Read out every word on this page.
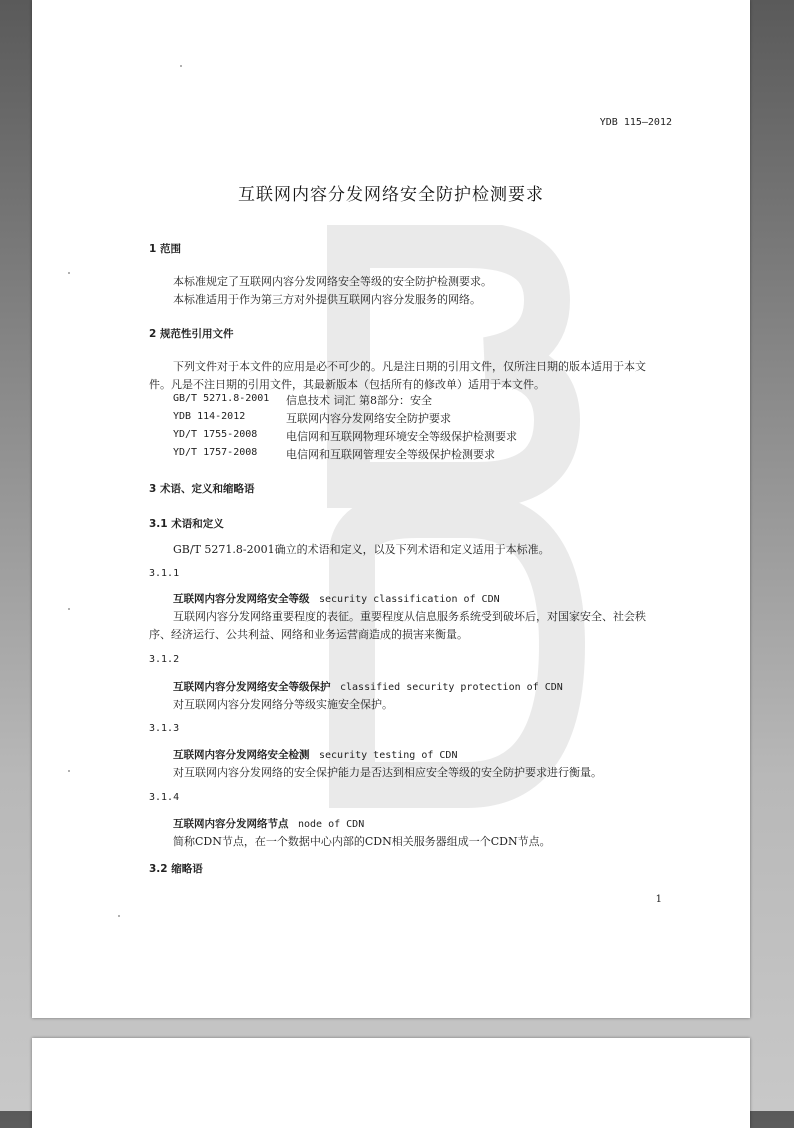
YDB 115—2012
互联网内容分发网络安全防护检测要求
1 范围
本标准规定了互联网内容分发网络安全等级的安全防护检测要求。
本标准适用于作为第三方对外提供互联网内容分发服务的网络。
2 规范性引用文件
下列文件对于本文件的应用是必不可少的。凡是注日期的引用文件，仅所注日期的版本适用于本文
件。凡是不注日期的引用文件，其最新版本（包括所有的修改单）适用于本文件。
GB/T 5271.8-2001 信息技术 词汇 第8部分：安全
YDB 114-2012	互联网内容分发网络安全防护要求
YD/T 1755-2008	电信网和互联网物理环境安全等级保护检测要求
YD/T 1757-2008	电信网和互联网管理安全等级保护检测要求
3 术语、定义和缩略语
3.1 术语和定义
GB/T 5271.8-2001确立的术语和定义，以及下列术语和定义适用于本标准。
3.1.1
互联网内容分发网络安全等级 security classification of CDN
互联网内容分发网络重要程度的表征。重要程度从信息服务系统受到破坏后，对国家安全、社会秩
序、经济运行、公共利益、网络和业务运营商造成的损害来衡量。
3.1.2
互联网内容分发网络安全等级保护 classified security protection of CDN
对互联网内容分发网络分等级实施安全保护。
3.1.3
互联网内容分发网络安全检测 security testing of CDN
对互联网内容分发网络的安全保护能力是否达到相应安全等级的安全防护要求进行衡量。
3.1.4
互联网内容分发网络节点 node of CDN
简称CDN节点，在一个数据中心内部的CDN相关服务器组成一个CDN节点。
3.2 缩略语
1
